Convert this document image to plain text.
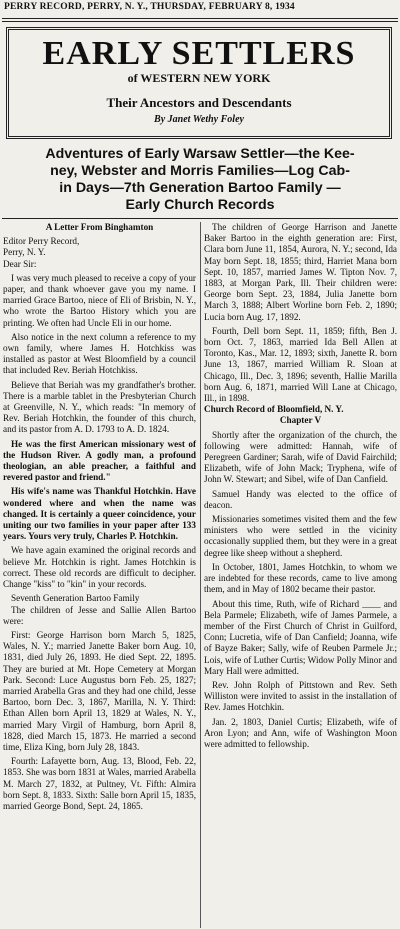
PERRY RECORD, PERRY, N. Y., THURSDAY, FEBRUARY 8, 1934
EARLY SETTLERS
of WESTERN NEW YORK
Their Ancestors and Descendants
By Janet Wethy Foley
Adventures of Early Warsaw Settler—the Kee-
ney, Webster and Morris Families—Log Cab-
in Days—7th Generation Bartoo Family —
Early Church Records

A Letter From Binghamton

Editor Perry Record,

Perry, N. Y.

Dear Sir:

I was very much pleased to receive a copy of your paper, and thank whoever gave you my name. I married Grace Bartoo, niece of Eli of Brisbin, N. Y., who wrote the Bartoo History which you are printing. We often had Uncle Eli in our home.

Also notice in the next column a reference to my own family, where James H. Hotchkiss was installed as pastor at West Bloomfield by a council that included Rev. Beriah Hotchkiss.

Believe that Beriah was my grandfather's brother. There is a marble tablet in the Presbyterian Church at Greenville, N. Y., which reads: "In memory of Rev. Beriah Hotchkin, the founder of this church, and its pastor from A. D. 1793 to A. D. 1824.

He was the first American missionary west of the Hudson River. A godly man, a profound theologian, an able preacher, a faithful and revered pastor and friend."

His wife's name was Thankful Hotchkin. Have wondered where and when the name was changed. It is certainly a queer coincidence, your uniting our two families in your paper after 133 years. Yours very truly, Charles P. Hotchkin.

We have again examined the original records and believe Mr. Hotchkin is right. James Hotchkin is correct. These old records are difficult to decipher. Change "kiss" to "kin" in your records.

Seventh Generation Bartoo Family

The children of Jesse and Sallie Allen Bartoo were:

First: George Harrison born March 5, 1825, Wales, N. Y.; married Janette Baker born Aug. 10, 1831, died July 26, 1893. He died Sept. 22, 1895. They are buried at Mt. Hope Cemetery at Morgan Park. Second: Luce Augustus born Feb. 25, 1827; married Arabella Gras and they had one child, Jesse Bartoo, born Dec. 3, 1867, Marilla, N. Y. Third: Ethan Allen born April 13, 1829 at Wales, N. Y., married Mary Virgil of Hamburg, born April 8, 1828, died March 15, 1873. He married a second time, Eliza King, born July 28, 1843.

Fourth: Lafayette born, Aug. 13, Blood, Feb. 22, 1853. She was born 1831 at Wales, married Arabella M. March 27, 1832, at Pultney, Vt. Fifth: Almira born Sept. 8, 1833. Sixth: Salle born April 15, 1835, married George Bond, Sept. 24, 1865.

The children of George Harrison and Janette Baker Bartoo in the eighth generation are: First, Clara born June 11, 1854, Aurora, N. Y.; second, Ida May born Sept. 18, 1855; third, Harriet Mana born Sept. 10, 1857, married James W. Tipton Nov. 7, 1883, at Morgan Park, Ill. Their children were: George born Sept. 23, 1884, Julia Janette born March 3, 1888; Albert Worline born Feb. 2, 1890; Lucia born Aug. 17, 1892.

Fourth, Dell born Sept. 11, 1859; fifth, Ben J. born Oct. 7, 1863, married Ida Bell Allen at Toronto, Kas., Mar. 12, 1893; sixth, Janette R. born June 13, 1867, married William R. Sloan at Chicago, Ill., Dec. 3, 1896; seventh, Hallie Marilla born Aug. 6, 1871, married Will Lane at Chicago, Ill., in 1898.

Church Record of Bloomfield, N. Y.

Chapter V

Shortly after the organization of the church, the following were admitted: Hannah, wife of Peregreen Gardiner; Sarah, wife of David Fairchild; Elizabeth, wife of John Mack; Tryphena, wife of John W. Stewart; and Sibel, wife of Dan Canfield.

Samuel Handy was elected to the office of deacon.

Missionaries sometimes visited them and the few ministers who were settled in the vicinity occasionally supplied them, but they were in a great degree like sheep without a shepherd.

In October, 1801, James Hotchkin, to whom we are indebted for these records, came to live among them, and in May of 1802 became their pastor.

About this time, Ruth, wife of Richard ____ and Bela Parmele; Elizabeth, wife of James Parmele, a member of the First Church of Christ in Guilford, Conn; Lucretia, wife of Dan Canfield; Joanna, wife of Bayze Baker; Sally, wife of Reuben Parmele Jr.; Lois, wife of Luther Curtis; Widow Polly Minor and Mary Hall were admitted.

Rev. John Rolph of Pittstown and Rev. Seth Williston were invited to assist in the installation of Rev. James Hotchkin.

Jan. 2, 1803, Daniel Curtis; Elizabeth, wife of Aron Lyon; and Ann, wife of Washington Moon were admitted to fellowship.
